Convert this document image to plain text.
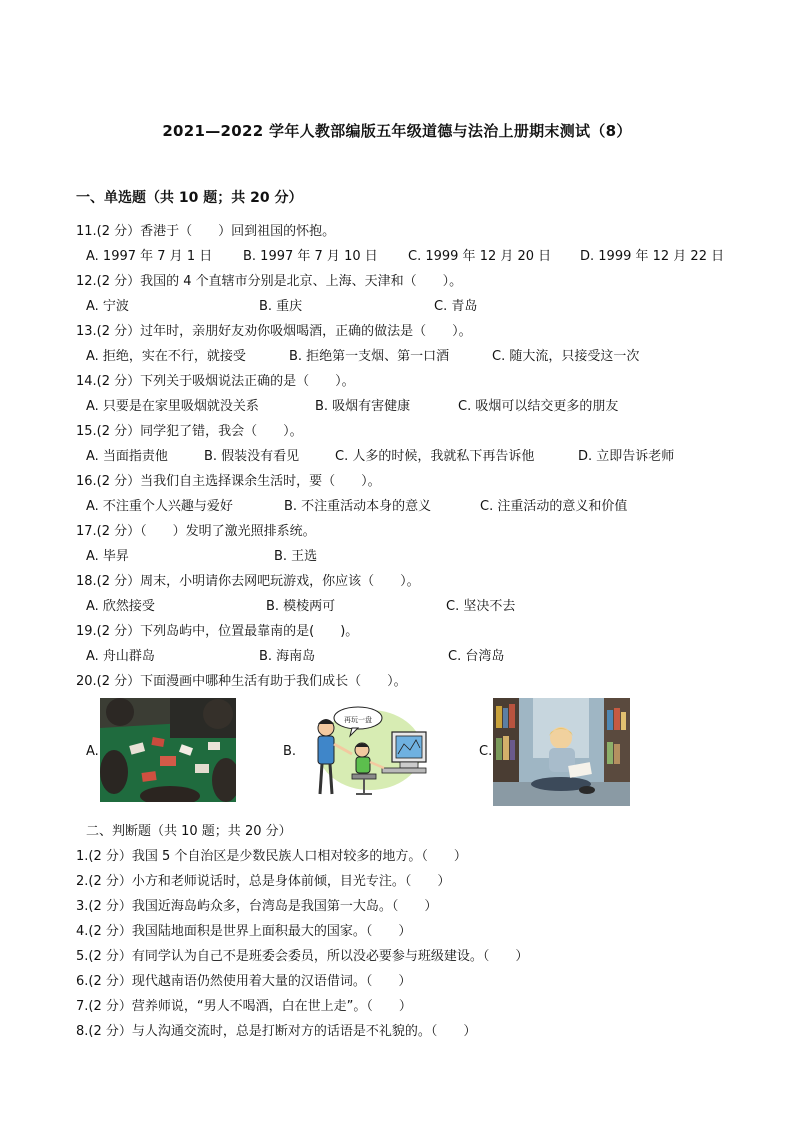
2021—2022 学年人教部编版五年级道德与法治上册期末测试（8）
一、单选题（共 10 题；共 20 分）
11.(2 分）香港于（　　）回到祖国的怀抱。
A. 1997 年 7 月 1 日 B. 1997 年 7 月 10 日 C. 1999 年 12 月 20 日 D. 1999 年 12 月 22 日
12.(2 分）我国的 4 个直辖市分别是北京、上海、天津和（　　）。
A. 宁波	B. 重庆	C. 青岛
13.(2 分）过年时，亲朋好友劝你吸烟喝酒，正确的做法是（　　）。
A. 拒绝，实在不行，就接受	B. 拒绝第一支烟、第一口酒	C. 随大流，只接受这一次
14.(2 分）下列关于吸烟说法正确的是（　　）。
A. 只要是在家里吸烟就没关系	B. 吸烟有害健康	C. 吸烟可以结交更多的朋友
15.(2 分）同学犯了错，我会（　　）。
A. 当面指责他	B. 假装没有看见	C. 人多的时候，我就私下再告诉他	D. 立即告诉老师
16.(2 分）当我们自主选择课余生活时，要（　　）。
A. 不注重个人兴趣与爱好	B. 不注重活动本身的意义	C. 注重活动的意义和价值
17.(2 分）（　　）发明了激光照排系统。
A. 毕昇	B. 王选
18.(2 分）周末，小明请你去网吧玩游戏，你应该（　　）。
A. 欣然接受	B. 模棱两可	C. 坚决不去
19.(2 分）下列岛屿中，位置最靠南的是(　　)。
A. 舟山群岛	B. 海南岛	C. 台湾岛
20.(2 分）下面漫画中哪种生活有助于我们成长（　　）。
A.	B.
再玩一盘
C.
二、判断题（共 10 题；共 20 分）
1.(2 分）我国 5 个自治区是少数民族人口相对较多的地方。（　　）
2.(2 分）小方和老师说话时，总是身体前倾，目光专注。（　　）
3.(2 分）我国近海岛屿众多，台湾岛是我国第一大岛。（　　）
4.(2 分）我国陆地面积是世界上面积最大的国家。（　　）
5.(2 分）有同学认为自己不是班委会委员，所以没必要参与班级建设。（　　）
6.(2 分）现代越南语仍然使用着大量的汉语借词。（　　）
7.(2 分）营养师说，“男人不喝酒，白在世上走”。（　　）
8.(2 分）与人沟通交流时，总是打断对方的话语是不礼貌的。（　　）
